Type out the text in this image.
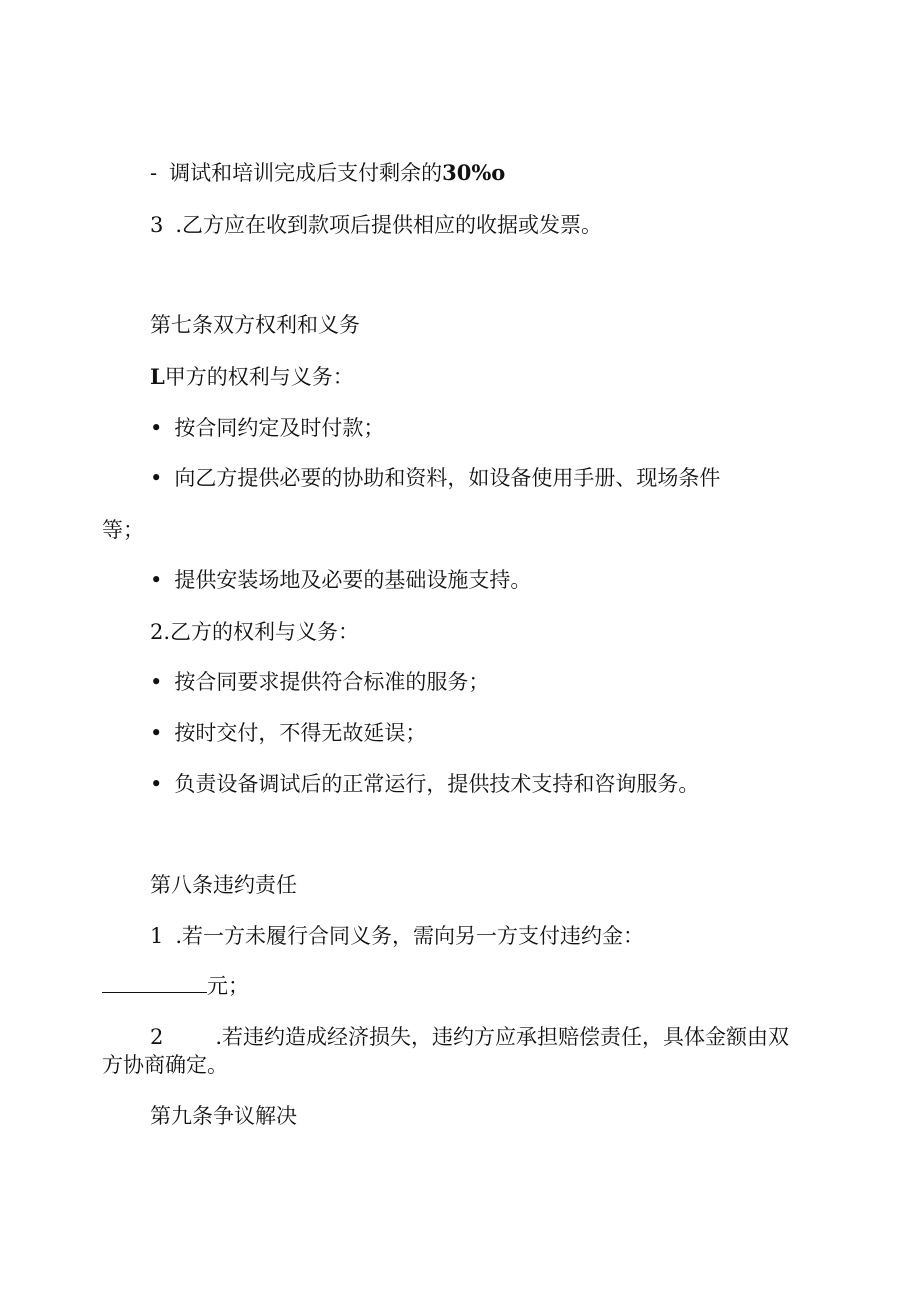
- 调试和培训完成后支付剩余的30%o
3 .乙方应在收到款项后提供相应的收据或发票。
第七条双方权利和义务
L甲方的权利与义务：
• 按合同约定及时付款；
• 向乙方提供必要的协助和资料，如设备使用手册、现场条件
等；
• 提供安装场地及必要的基础设施支持。
2.乙方的权利与义务：
• 按合同要求提供符合标准的服务；
• 按时交付，不得无故延误；
• 负责设备调试后的正常运行，提供技术支持和咨询服务。
第八条违约责任
1 .若一方未履行合同义务，需向另一方支付违约金：
元；
2 .若违约造成经济损失，违约方应承担赔偿责任，具体金额由双
方协商确定。
第九条争议解决
